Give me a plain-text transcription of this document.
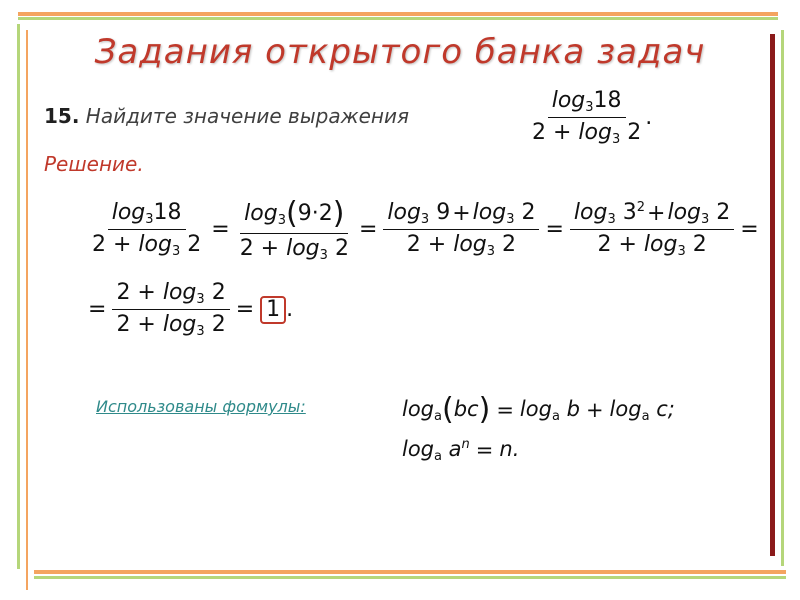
Задания открытого банка задач
15. Найдите значение выражения	$\frac{\log_318}{2 + \log_3 2}$ .
Решение.
$\frac{\log_318}{2 + \log_3 2} = \frac{\log_3(9\cdot 2)}{2 + \log_3 2} = \frac{\log_3 9+\log_3 2}{2 + \log_3 2} = \frac{\log_3 3^2+\log_3 2}{2 + \log_3 2}$ =
= $\frac{2 + \log_3 2}{2 + \log_3 2} = 1$ .
Использованы формулы:	$\log_a(bc) = \log_a b + \log_a c$;
$\log_a a^n = n$.
